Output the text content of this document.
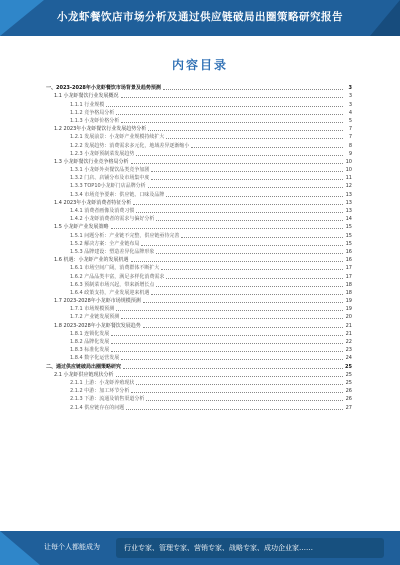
小龙虾餐饮店市场分析及通过供应链破局出圈策略研究报告
内容目录
一、2023-2028年小龙虾餐饮市场背景及趋势预测	3
1.1 小龙虾餐饮行业发展概况	3
1.1.1 行业规模	3
1.1.2 竞争格局分析	4
1.1.3 小龙虾价格分析	5
1.2 2023年小龙虾餐饮行业发展趋势分析	7
1.2.1 发展前景：小龙虾产业规模持续扩大	7
1.2.2 发展趋势：消费需求多元化，地域差异逐渐缩小	8
1.2.3 小龙虾预制菜发展趋势	9
1.3 小龙虾餐饮行业竞争格局分析	10
1.3.1 小龙虾外卖餐饮品类竞争加剧	10
1.3.2 门店、店铺分布及市场集中度	11
1.3.3 TOP10小龙虾门店品牌分析	12
1.3.4 市场竞争要素：供应链、口味及品牌	13
1.4 2023年小龙虾消费者特征分析	13
1.4.1 消费者画像及消费习惯	13
1.4.2 小龙虾消费者的需求与偏好分析	14
1.5 小龙虾产业发展策略	15
1.5.1 问题分析：产业链不完整，供应链亟待完善	15
1.5.2 解决方案：全产业链布局	15
1.5.3 品牌建设：塑造差异化品牌形象	16
1.6 机遇：小龙虾产业的发展机遇	16
1.6.1 市场空间广阔，消费群体不断扩大	17
1.6.2 产品品类丰富，满足多样化消费需求	17
1.6.3 预制菜市场兴起，带来新增长点	18
1.6.4 政策支持，产业发展迎来机遇	18
1.7 2023-2028年小龙虾市场规模预测	19
1.7.1 市场规模预测	19
1.7.2 产业链发展预测	20
1.8 2023-2028年小龙虾餐饮发展趋势	21
1.8.1 连锁化发展	21
1.8.2 品牌化发展	22
1.8.3 标准化发展	23
1.8.4 数字化运营发展	24
二、通过供应链破局出圈策略研究	25
2.1 小龙虾供应链现状分析	25
2.1.1 上游：小龙虾养殖现状	25
2.1.2 中游：加工环节分析	26
2.1.3 下游：流通及销售渠道分析	26
2.1.4 供应链存在的问题	27
让每个人都能成为	行业专家、管理专家、营销专家、战略专家、成功企业家……
